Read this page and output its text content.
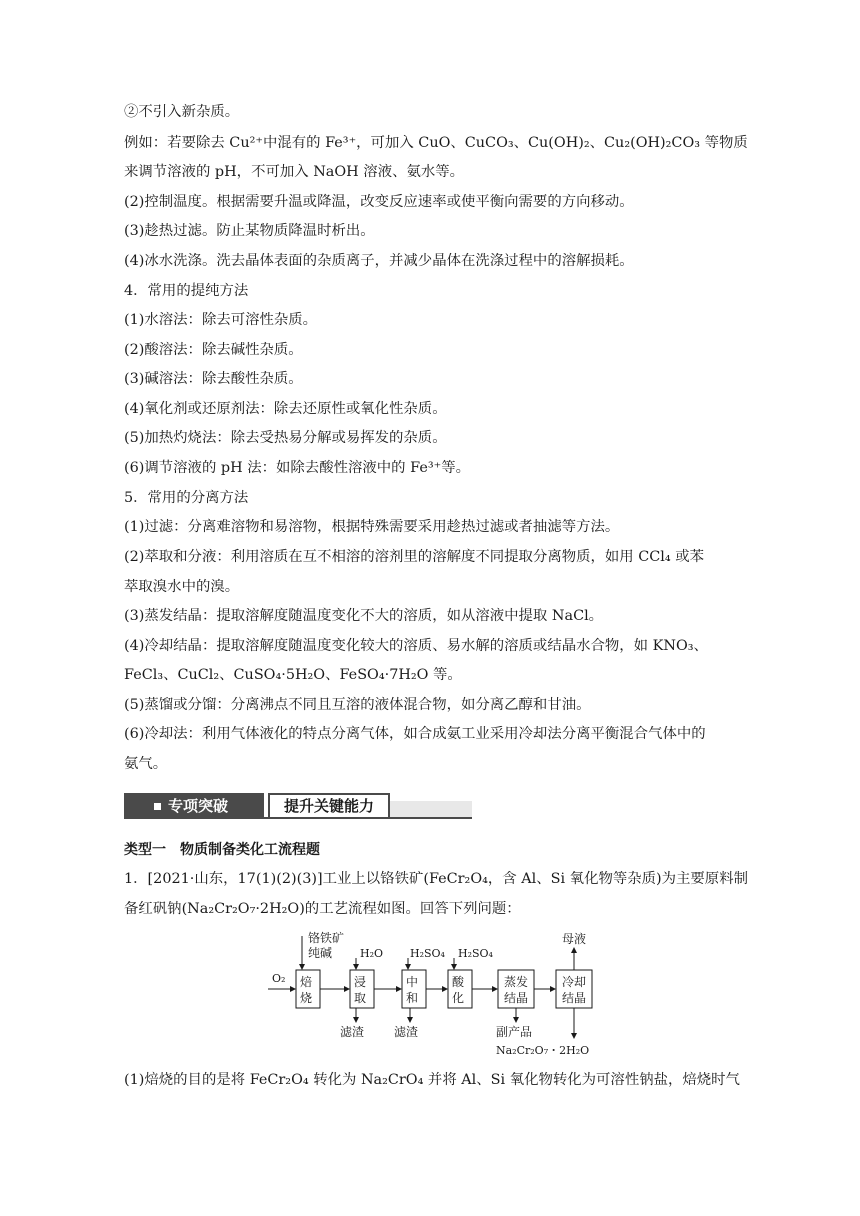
②不引入新杂质。
例如：若要除去 Cu²⁺中混有的 Fe³⁺，可加入 CuO、CuCO₃、Cu(OH)₂、Cu₂(OH)₂CO₃ 等物质
来调节溶液的 pH，不可加入 NaOH 溶液、氨水等。
(2)控制温度。根据需要升温或降温，改变反应速率或使平衡向需要的方向移动。
(3)趁热过滤。防止某物质降温时析出。
(4)冰水洗涤。洗去晶体表面的杂质离子，并减少晶体在洗涤过程中的溶解损耗。
4．常用的提纯方法
(1)水溶法：除去可溶性杂质。
(2)酸溶法：除去碱性杂质。
(3)碱溶法：除去酸性杂质。
(4)氧化剂或还原剂法：除去还原性或氧化性杂质。
(5)加热灼烧法：除去受热易分解或易挥发的杂质。
(6)调节溶液的 pH 法：如除去酸性溶液中的 Fe³⁺等。
5．常用的分离方法
(1)过滤：分离难溶物和易溶物，根据特殊需要采用趁热过滤或者抽滤等方法。
(2)萃取和分液：利用溶质在互不相溶的溶剂里的溶解度不同提取分离物质，如用 CCl₄ 或苯
萃取溴水中的溴。
(3)蒸发结晶：提取溶解度随温度变化不大的溶质，如从溶液中提取 NaCl。
(4)冷却结晶：提取溶解度随温度变化较大的溶质、易水解的溶质或结晶水合物，如 KNO₃、
FeCl₃、CuCl₂、CuSO₄·5H₂O、FeSO₄·7H₂O 等。
(5)蒸馏或分馏：分离沸点不同且互溶的液体混合物，如分离乙醇和甘油。
(6)冷却法：利用气体液化的特点分离气体，如合成氨工业采用冷却法分离平衡混合气体中的
氨气。
专项突破	提升关键能力
类型一　物质制备类化工流程题
1．[2021·山东，17(1)(2)(3)]工业上以铬铁矿(FeCr₂O₄，含 Al、Si 氧化物等杂质)为主要原料制
备红矾钠(Na₂Cr₂O₇·2H₂O)的工艺流程如图。回答下列问题：
O₂
铬铁矿
纯碱	H₂O H₂SO₄ H₂SO₄
母液
焙
烧
浸
取
中
和
酸
化
蒸发
结晶
冷却
结晶
滤渣 滤渣	副产品
Na₂Cr₂O₇・2H₂O
(1)焙烧的目的是将 FeCr₂O₄ 转化为 Na₂CrO₄ 并将 Al、Si 氧化物转化为可溶性钠盐，焙烧时气
